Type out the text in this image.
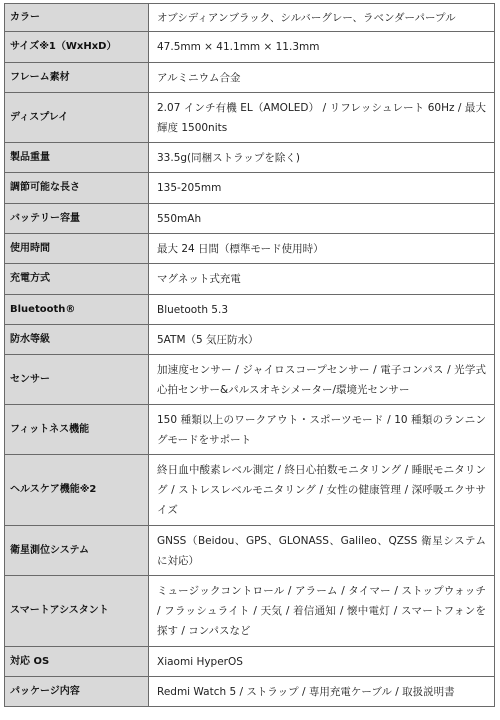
カラー	オブシディアンブラック、シルバーグレー、ラベンダーパープル
サイズ※1（WxHxD）	47.5mm × 41.1mm × 11.3mm
フレーム素材	アルミニウム合金
ディスプレイ	2.07 インチ有機 EL（AMOLED） / リフレッシュレート 60Hz / 最大輝度 1500nits
製品重量	33.5g(同梱ストラップを除く)
調節可能な長さ	135-205mm
バッテリー容量	550mAh
使用時間	最大 24 日間（標準モード使用時）
充電方式	マグネット式充電
Bluetooth®	Bluetooth 5.3
防水等級	5ATM（5 気圧防水）
センサー	加速度センサー / ジャイロスコープセンサー / 電子コンパス / 光学式心拍センサー&パルスオキシメーター/環境光センサー
フィットネス機能	150 種類以上のワークアウト・スポーツモード / 10 種類のランニングモードをサポート
ヘルスケア機能※2	終日血中酸素レベル測定 / 終日心拍数モニタリング / 睡眠モニタリング / ストレスレベルモニタリング / 女性の健康管理 / 深呼吸エクササイズ
衛星測位システム	GNSS（Beidou、GPS、GLONASS、Galileo、QZSS 衛星システムに対応）
スマートアシスタント	ミュージックコントロール / アラーム / タイマー / ストップウォッチ / フラッシュライト / 天気 / 着信通知 / 懐中電灯 / スマートフォンを探す / コンパスなど
対応 OS	Xiaomi HyperOS
パッケージ内容	Redmi Watch 5 / ストラップ / 専用充電ケーブル / 取扱説明書
